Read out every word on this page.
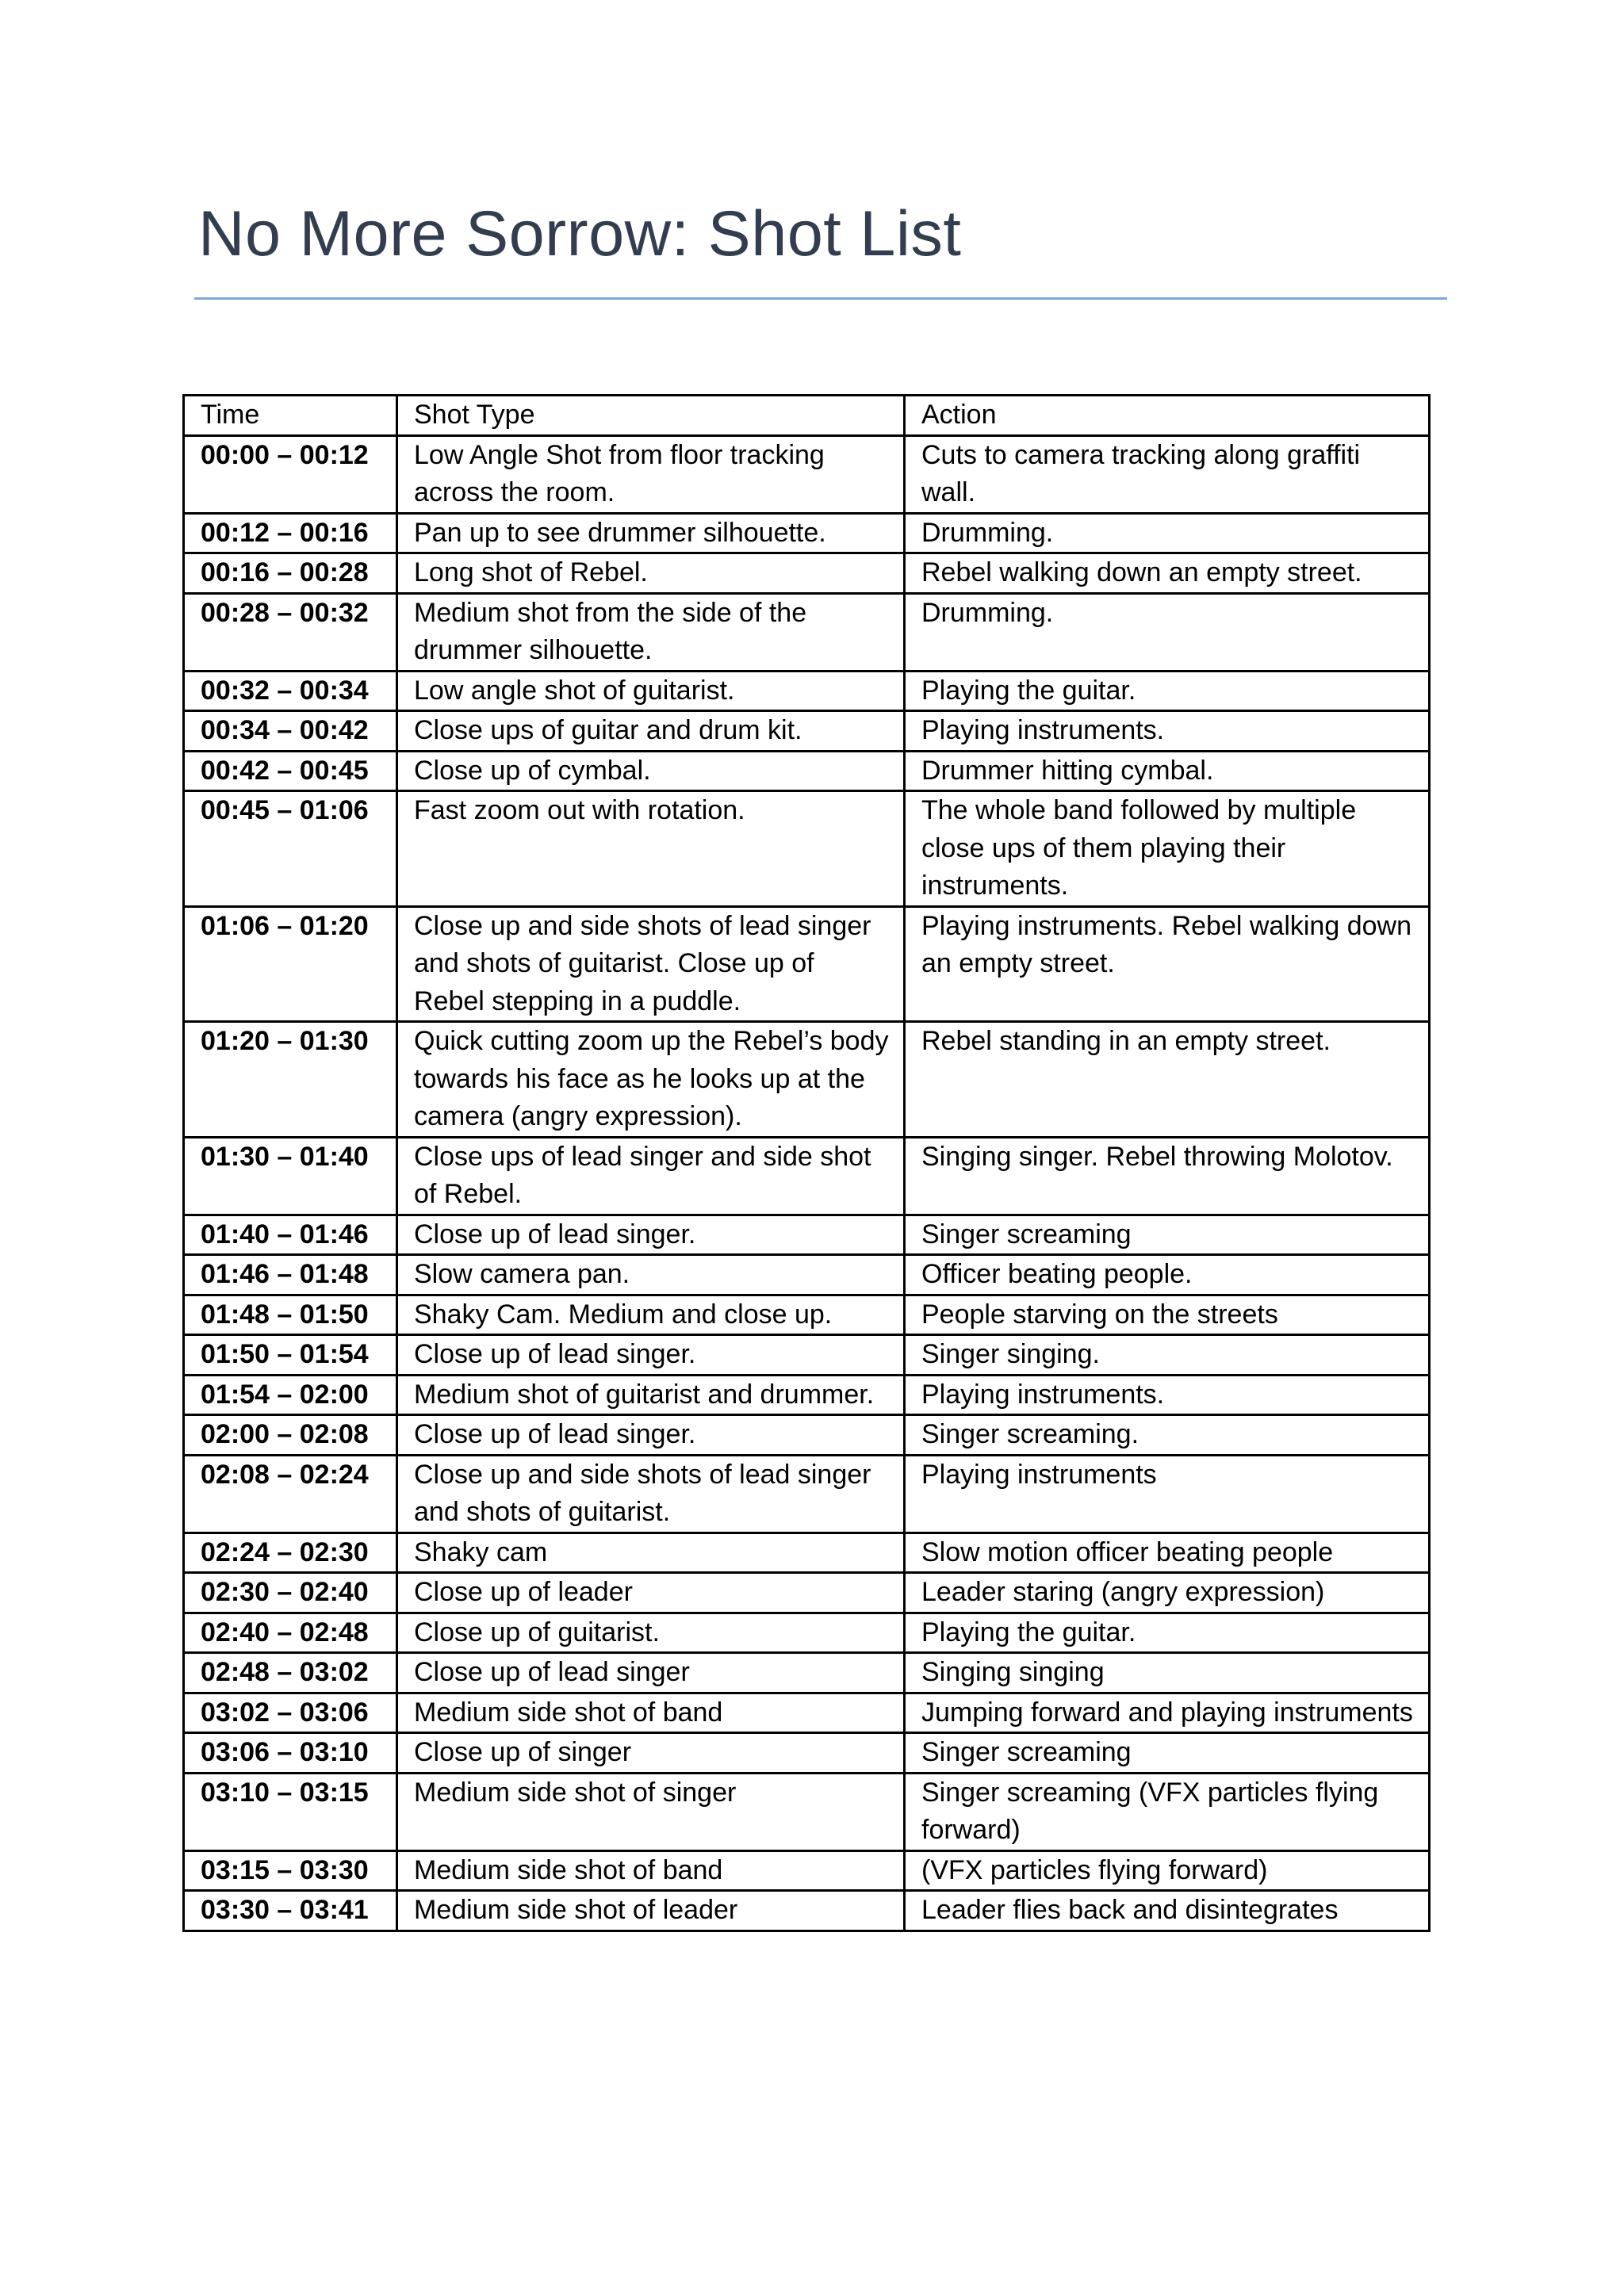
No More Sorrow: Shot List
Time	Shot Type	Action
00:00 – 00:12	Low Angle Shot from floor tracking across the room.	Cuts to camera tracking along graffiti wall.
00:12 – 00:16	Pan up to see drummer silhouette.	Drumming.
00:16 – 00:28	Long shot of Rebel.	Rebel walking down an empty street.
00:28 – 00:32	Medium shot from the side of the drummer silhouette.	Drumming.
00:32 – 00:34	Low angle shot of guitarist.	Playing the guitar.
00:34 – 00:42	Close ups of guitar and drum kit.	Playing instruments.
00:42 – 00:45	Close up of cymbal.	Drummer hitting cymbal.
00:45 – 01:06	Fast zoom out with rotation.	The whole band followed by multiple close ups of them playing their instruments.
01:06 – 01:20	Close up and side shots of lead singer and shots of guitarist. Close up of Rebel stepping in a puddle.	Playing instruments. Rebel walking down an empty street.
01:20 – 01:30	Quick cutting zoom up the Rebel’s body towards his face as he looks up at the camera (angry expression).	Rebel standing in an empty street.
01:30 – 01:40	Close ups of lead singer and side shot of Rebel.	Singing singer. Rebel throwing Molotov.
01:40 – 01:46	Close up of lead singer.	Singer screaming
01:46 – 01:48	Slow camera pan.	Officer beating people.
01:48 – 01:50	Shaky Cam. Medium and close up.	People starving on the streets
01:50 – 01:54	Close up of lead singer.	Singer singing.
01:54 – 02:00	Medium shot of guitarist and drummer.	Playing instruments.
02:00 – 02:08	Close up of lead singer.	Singer screaming.
02:08 – 02:24	Close up and side shots of lead singer and shots of guitarist.	Playing instruments
02:24 – 02:30	Shaky cam	Slow motion officer beating people
02:30 – 02:40	Close up of leader	Leader staring (angry expression)
02:40 – 02:48	Close up of guitarist.	Playing the guitar.
02:48 – 03:02	Close up of lead singer	Singing singing
03:02 – 03:06	Medium side shot of band	Jumping forward and playing instruments
03:06 – 03:10	Close up of singer	Singer screaming
03:10 – 03:15	Medium side shot of singer	Singer screaming (VFX particles flying forward)
03:15 – 03:30	Medium side shot of band	(VFX particles flying forward)
03:30 – 03:41	Medium side shot of leader	Leader flies back and disintegrates
